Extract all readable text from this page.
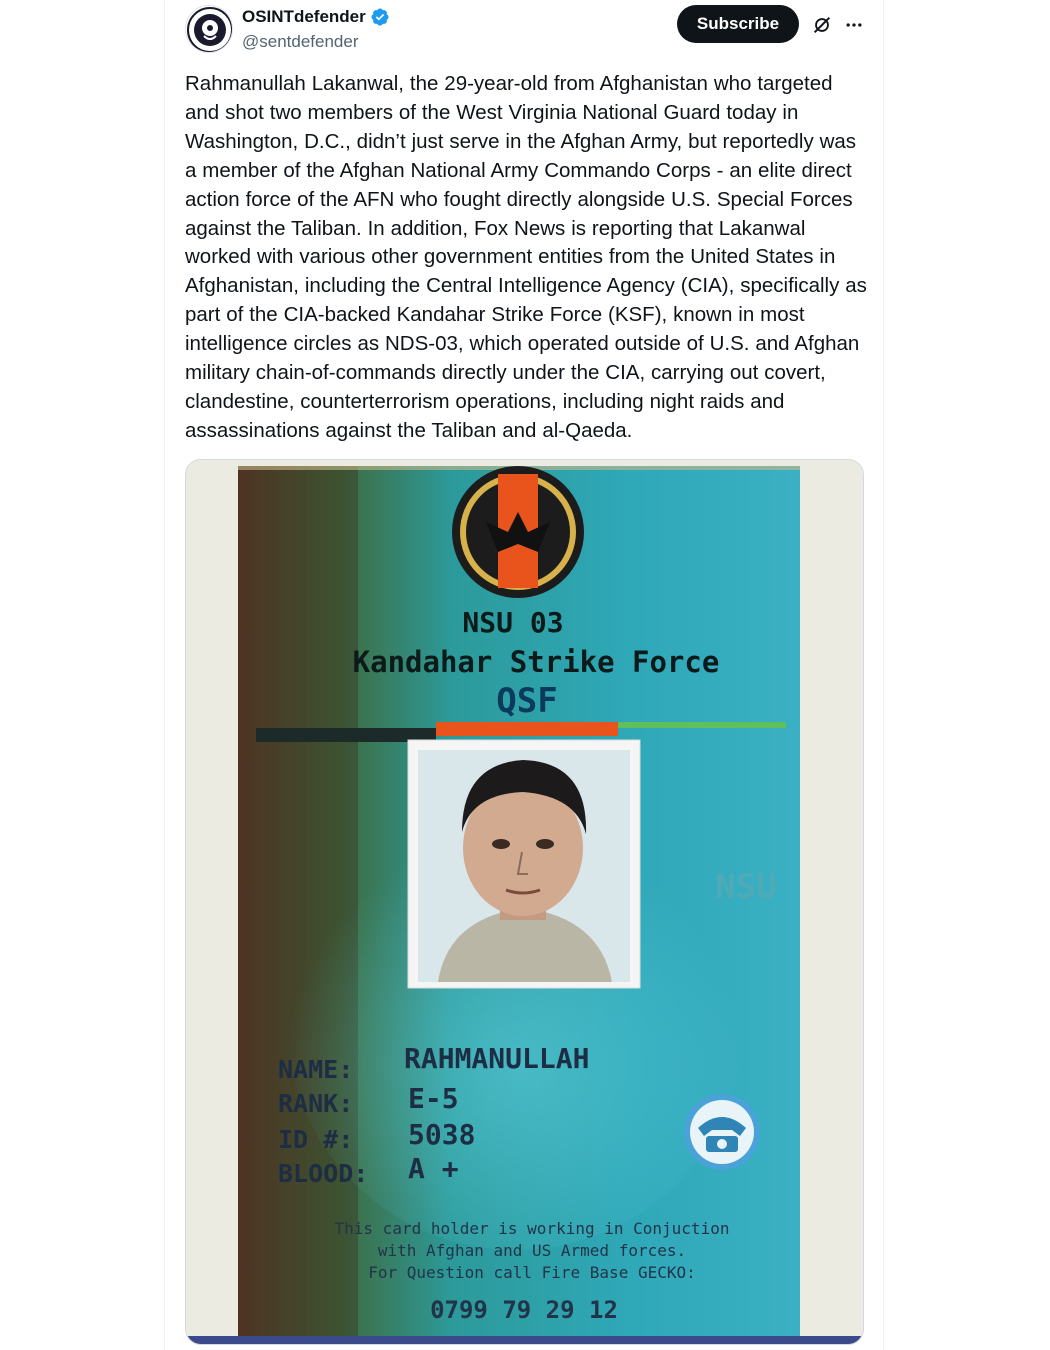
OSINTdefender
@sentdefender
Subscribe

Rahmanullah Lakanwal, the 29-year-old from Afghanistan who targeted and shot two members of the West Virginia National Guard today in Washington, D.C., didn’t just serve in the Afghan Army, but reportedly was a member of the Afghan National Army Commando Corps - an elite direct action force of the AFN who fought directly alongside U.S. Special Forces against the Taliban. In addition, Fox News is reporting that Lakanwal worked with various other government entities from the United States in Afghanistan, including the Central Intelligence Agency (CIA), specifically as part of the CIA-backed Kandahar Strike Force (KSF), known in most intelligence circles as NDS-03, which operated outside of U.S. and Afghan military chain-of-commands directly under the CIA, carrying out covert, clandestine, counterterrorism operations, including night raids and assassinations against the Taliban and al-Qaeda.

NSU 03
Kandahar Strike Force
QSF
NSU
NAME: RAHMANULLAH
RANK: E-5
ID #: 5038
BLOOD: A +
This card holder is working in Conjuction
with Afghan and US Armed forces.
For Question call Fire Base GECKO:
0799 79 29 12
